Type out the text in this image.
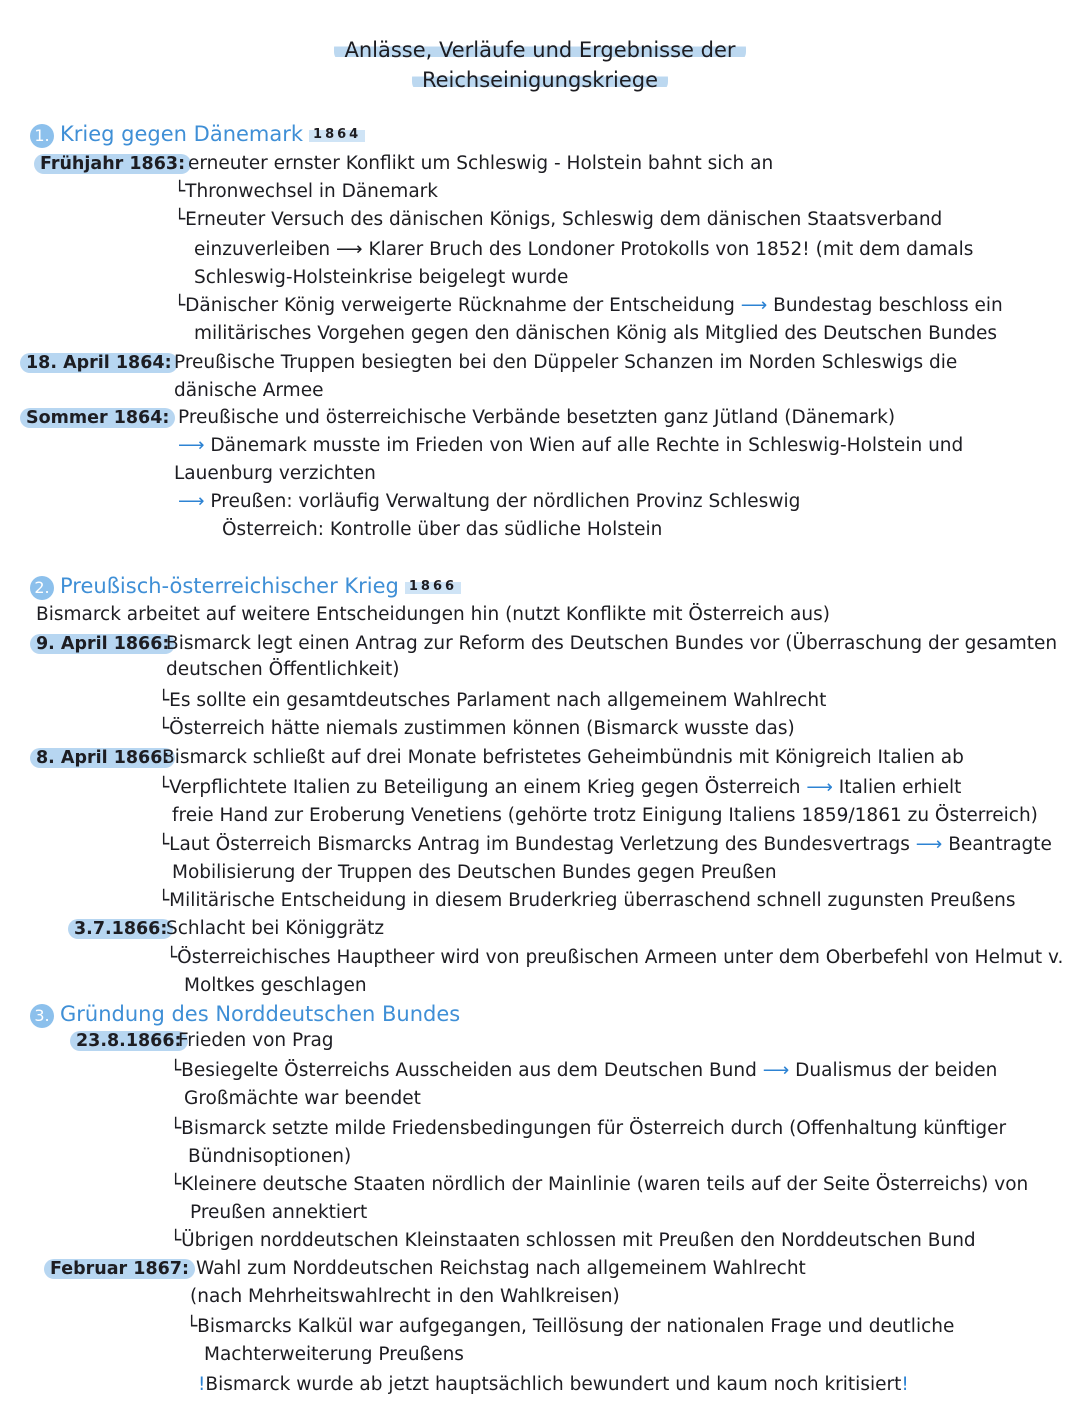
Anlässe, Verläufe und Ergebnisse der
Reichseinigungskriege
1. Krieg gegen Dänemark 1864
Frühjahr 1863: erneuter ernster Konflikt um Schleswig - Holstein bahnt sich an
└Thronwechsel in Dänemark
└Erneuter Versuch des dänischen Königs, Schleswig dem dänischen Staatsverband
einzuverleiben ⟶ Klarer Bruch des Londoner Protokolls von 1852! (mit dem damals
Schleswig-Holsteinkrise beigelegt wurde
└Dänischer König verweigerte Rücknahme der Entscheidung ⟶ Bundestag beschloss ein
militärisches Vorgehen gegen den dänischen König als Mitglied des Deutschen Bundes
18. April 1864: Preußische Truppen besiegten bei den Düppeler Schanzen im Norden Schleswigs die
dänische Armee
Sommer 1864: Preußische und österreichische Verbände besetzten ganz Jütland (Dänemark)
⟶ Dänemark musste im Frieden von Wien auf alle Rechte in Schleswig-Holstein und
Lauenburg verzichten
⟶ Preußen: vorläufig Verwaltung der nördlichen Provinz Schleswig
Österreich: Kontrolle über das südliche Holstein
2. Preußisch-österreichischer Krieg 1866
Bismarck arbeitet auf weitere Entscheidungen hin (nutzt Konflikte mit Österreich aus)
9. April 1866:
Bismarck legt einen Antrag zur Reform des Deutschen Bundes vor (Überraschung der gesamten
deutschen Öffentlichkeit)
└Es sollte ein gesamtdeutsches Parlament nach allgemeinem Wahlrecht
└Österreich hätte niemals zustimmen können (Bismarck wusste das)
8. April 1866:
Bismarck schließt auf drei Monate befristetes Geheimbündnis mit Königreich Italien ab
└Verpflichtete Italien zu Beteiligung an einem Krieg gegen Österreich ⟶ Italien erhielt
freie Hand zur Eroberung Venetiens (gehörte trotz Einigung Italiens 1859/1861 zu Österreich)
└Laut Österreich Bismarcks Antrag im Bundestag Verletzung des Bundesvertrags ⟶ Beantragte
Mobilisierung der Truppen des Deutschen Bundes gegen Preußen
└Militärische Entscheidung in diesem Bruderkrieg überraschend schnell zugunsten Preußens
3.7.1866:
Schlacht bei Königgrätz
└Österreichisches Hauptheer wird von preußischen Armeen unter dem Oberbefehl von Helmut v.
Moltkes geschlagen
3. Gründung des Norddeutschen Bundes
23.8.1866:
Frieden von Prag
└Besiegelte Österreichs Ausscheiden aus dem Deutschen Bund ⟶ Dualismus der beiden
Großmächte war beendet
└Bismarck setzte milde Friedensbedingungen für Österreich durch (Offenhaltung künftiger
Bündnisoptionen)
└Kleinere deutsche Staaten nördlich der Mainlinie (waren teils auf der Seite Österreichs) von
Preußen annektiert
└Übrigen norddeutschen Kleinstaaten schlossen mit Preußen den Norddeutschen Bund
Februar 1867: Wahl zum Norddeutschen Reichstag nach allgemeinem Wahlrecht
(nach Mehrheitswahlrecht in den Wahlkreisen)
└Bismarcks Kalkül war aufgegangen, Teillösung der nationalen Frage und deutliche
Machterweiterung Preußens
!Bismarck wurde ab jetzt hauptsächlich bewundert und kaum noch kritisiert!
